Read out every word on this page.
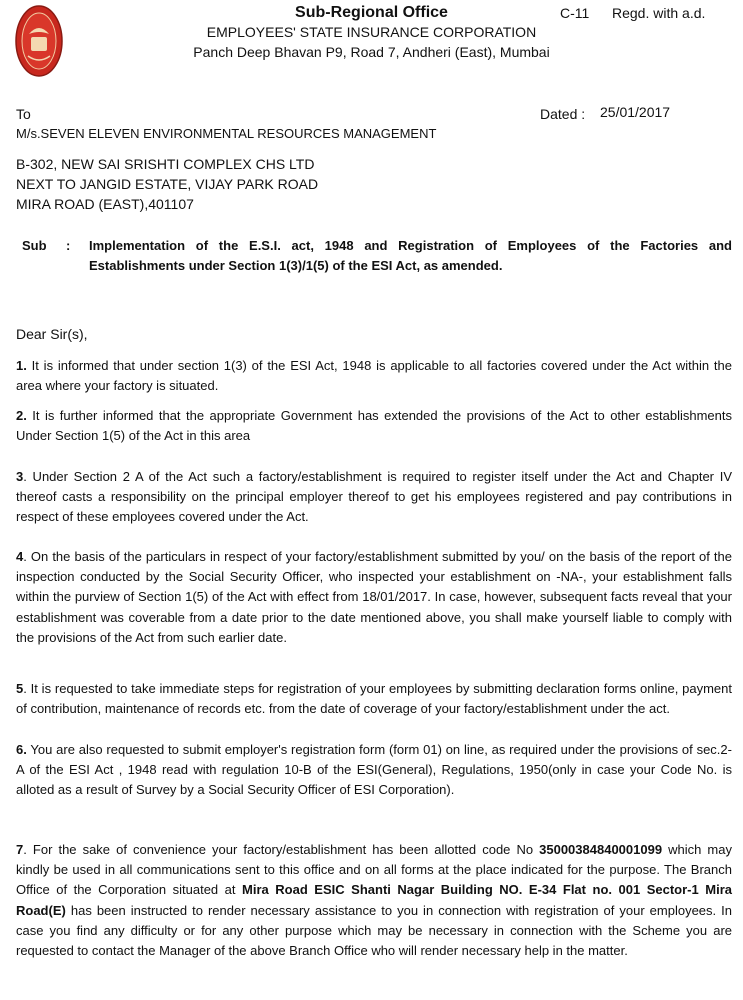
Sub-Regional Office
EMPLOYEES' STATE INSURANCE CORPORATION
Panch Deep Bhavan P9, Road 7, Andheri (East), Mumbai
C-11 Regd. with a.d.
To	Dated : 25/01/2017
M/s.SEVEN ELEVEN ENVIRONMENTAL RESOURCES MANAGEMENT
B-302, NEW SAI SRISHTI COMPLEX CHS LTD
NEXT TO JANGID ESTATE, VIJAY PARK ROAD
MIRA ROAD (EAST),401107
Sub : Implementation of the E.S.I. act, 1948 and Registration of Employees of the Factories and Establishments under Section 1(3)/1(5) of the ESI Act, as amended.
Dear Sir(s),
1. It is informed that under section 1(3) of the ESI Act, 1948 is applicable to all factories covered under the Act within the area where your factory is situated.
2. It is further informed that the appropriate Government has extended the provisions of the Act to other establishments Under Section 1(5) of the Act in this area
3. Under Section 2 A of the Act such a factory/establishment is required to register itself under the Act and Chapter IV thereof casts a responsibility on the principal employer thereof to get his employees registered and pay contributions in respect of these employees covered under the Act.
4. On the basis of the particulars in respect of your factory/establishment submitted by you/ on the basis of the report of the inspection conducted by the Social Security Officer, who inspected your establishment on -NA-, your establishment falls within the purview of Section 1(5) of the Act with effect from 18/01/2017. In case, however, subsequent facts reveal that your establishment was coverable from a date prior to the date mentioned above, you shall make yourself liable to comply with the provisions of the Act from such earlier date.
5. It is requested to take immediate steps for registration of your employees by submitting declaration forms online, payment of contribution, maintenance of records etc. from the date of coverage of your factory/establishment under the act.
6. You are also requested to submit employer's registration form (form 01) on line, as required under the provisions of sec.2-A of the ESI Act , 1948 read with regulation 10-B of the ESI(General), Regulations, 1950(only in case your Code No. is alloted as a result of Survey by a Social Security Officer of ESI Corporation).
7. For the sake of convenience your factory/establishment has been allotted code No 35000384840001099 which may kindly be used in all communications sent to this office and on all forms at the place indicated for the purpose. The Branch Office of the Corporation situated at Mira Road ESIC Shanti Nagar Building NO. E-34 Flat no. 001 Sector-1 Mira Road(E) has been instructed to render necessary assistance to you in connection with registration of your employees. In case you find any difficulty or for any other purpose which may be necessary in connection with the Scheme you are requested to contact the Manager of the above Branch Office who will render necessary help in the matter.
